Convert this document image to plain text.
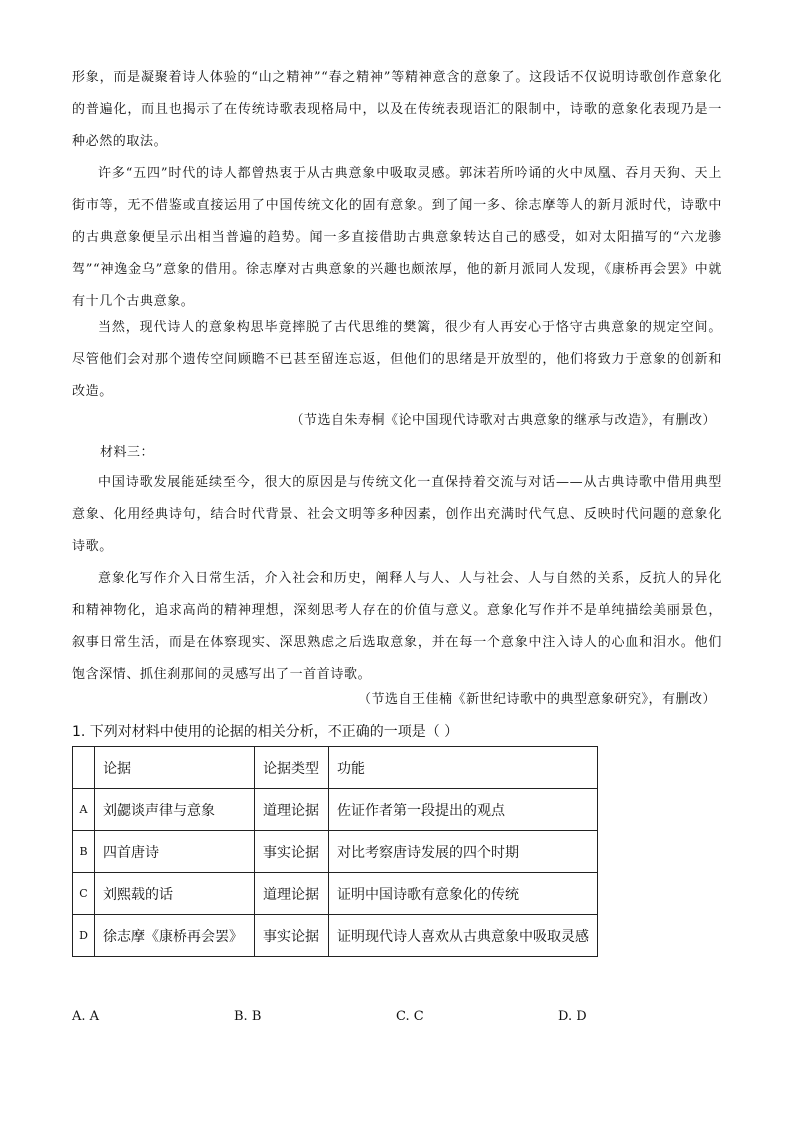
形象，而是凝聚着诗人体验的“山之精神”“春之精神”等精神意含的意象了。这段话不仅说明诗歌创作意象化的普遍化，而且也揭示了在传统诗歌表现格局中，以及在传统表现语汇的限制中，诗歌的意象化表现乃是一种必然的取法。

许多“五四”时代的诗人都曾热衷于从古典意象中吸取灵感。郭沫若所吟诵的火中凤凰、吞月天狗、天上街市等，无不借鉴或直接运用了中国传统文化的固有意象。到了闻一多、徐志摩等人的新月派时代，诗歌中的古典意象便呈示出相当普遍的趋势。闻一多直接借助古典意象转达自己的感受，如对太阳描写的“六龙骖驾”“神逸金乌”意象的借用。徐志摩对古典意象的兴趣也颇浓厚，他的新月派同人发现，《康桥再会罢》中就有十几个古典意象。

当然，现代诗人的意象构思毕竟摔脱了古代思维的樊篱，很少有人再安心于恪守古典意象的规定空间。尽管他们会对那个遗传空间顾瞻不已甚至留连忘返，但他们的思绪是开放型的，他们将致力于意象的创新和改造。

（节选自朱寿桐《论中国现代诗歌对古典意象的继承与改造》，有删改）
材料三：

中国诗歌发展能延续至今，很大的原因是与传统文化一直保持着交流与对话——从古典诗歌中借用典型意象、化用经典诗句，结合时代背景、社会文明等多种因素，创作出充满时代气息、反映时代问题的意象化诗歌。

意象化写作介入日常生活，介入社会和历史，阐释人与人、人与社会、人与自然的关系，反抗人的异化和精神物化，追求高尚的精神理想，深刻思考人存在的价值与意义。意象化写作并不是单纯描绘美丽景色，叙事日常生活，而是在体察现实、深思熟虑之后选取意象，并在每一个意象中注入诗人的心血和泪水。他们饱含深情、抓住刹那间的灵感写出了一首首诗歌。

（节选自王佳楠《新世纪诗歌中的典型意象研究》，有删改）
1. 下列对材料中使用的论据的相关分析，不正确的一项是（ ）
	论据	论据类型	功能
A	刘勰谈声律与意象	道理论据	佐证作者第一段提出的观点
B	四首唐诗	事实论据	对比考察唐诗发展的四个时期
C	刘熙载的话	道理论据	证明中国诗歌有意象化的传统
D	徐志摩《康桥再会罢》	事实论据	证明现代诗人喜欢从古典意象中吸取灵感
A. A	B. B	C. C	D. D
